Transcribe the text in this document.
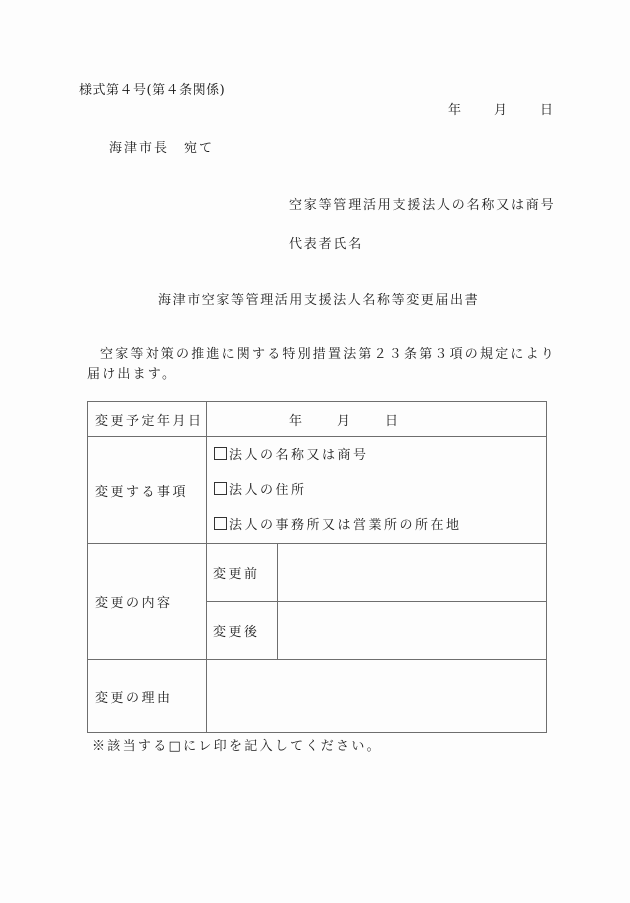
様式第４号(第４条関係)
年	月	日
海津市長　宛て
空家等管理活用支援法人の名称又は商号
代表者氏名
海津市空家等管理活用支援法人名称等変更届出書
空家等対策の推進に関する特別措置法第２３条第３項の規定により届け出ます。
変更予定年月日	年 月 日	
変更する事項	法人の名称又は商号
法人の住所
法人の事務所又は営業所の所在地	

変更の内容	変更前	
	変更後	
変更の理由		
※該当する□にレ印を記入してください。
